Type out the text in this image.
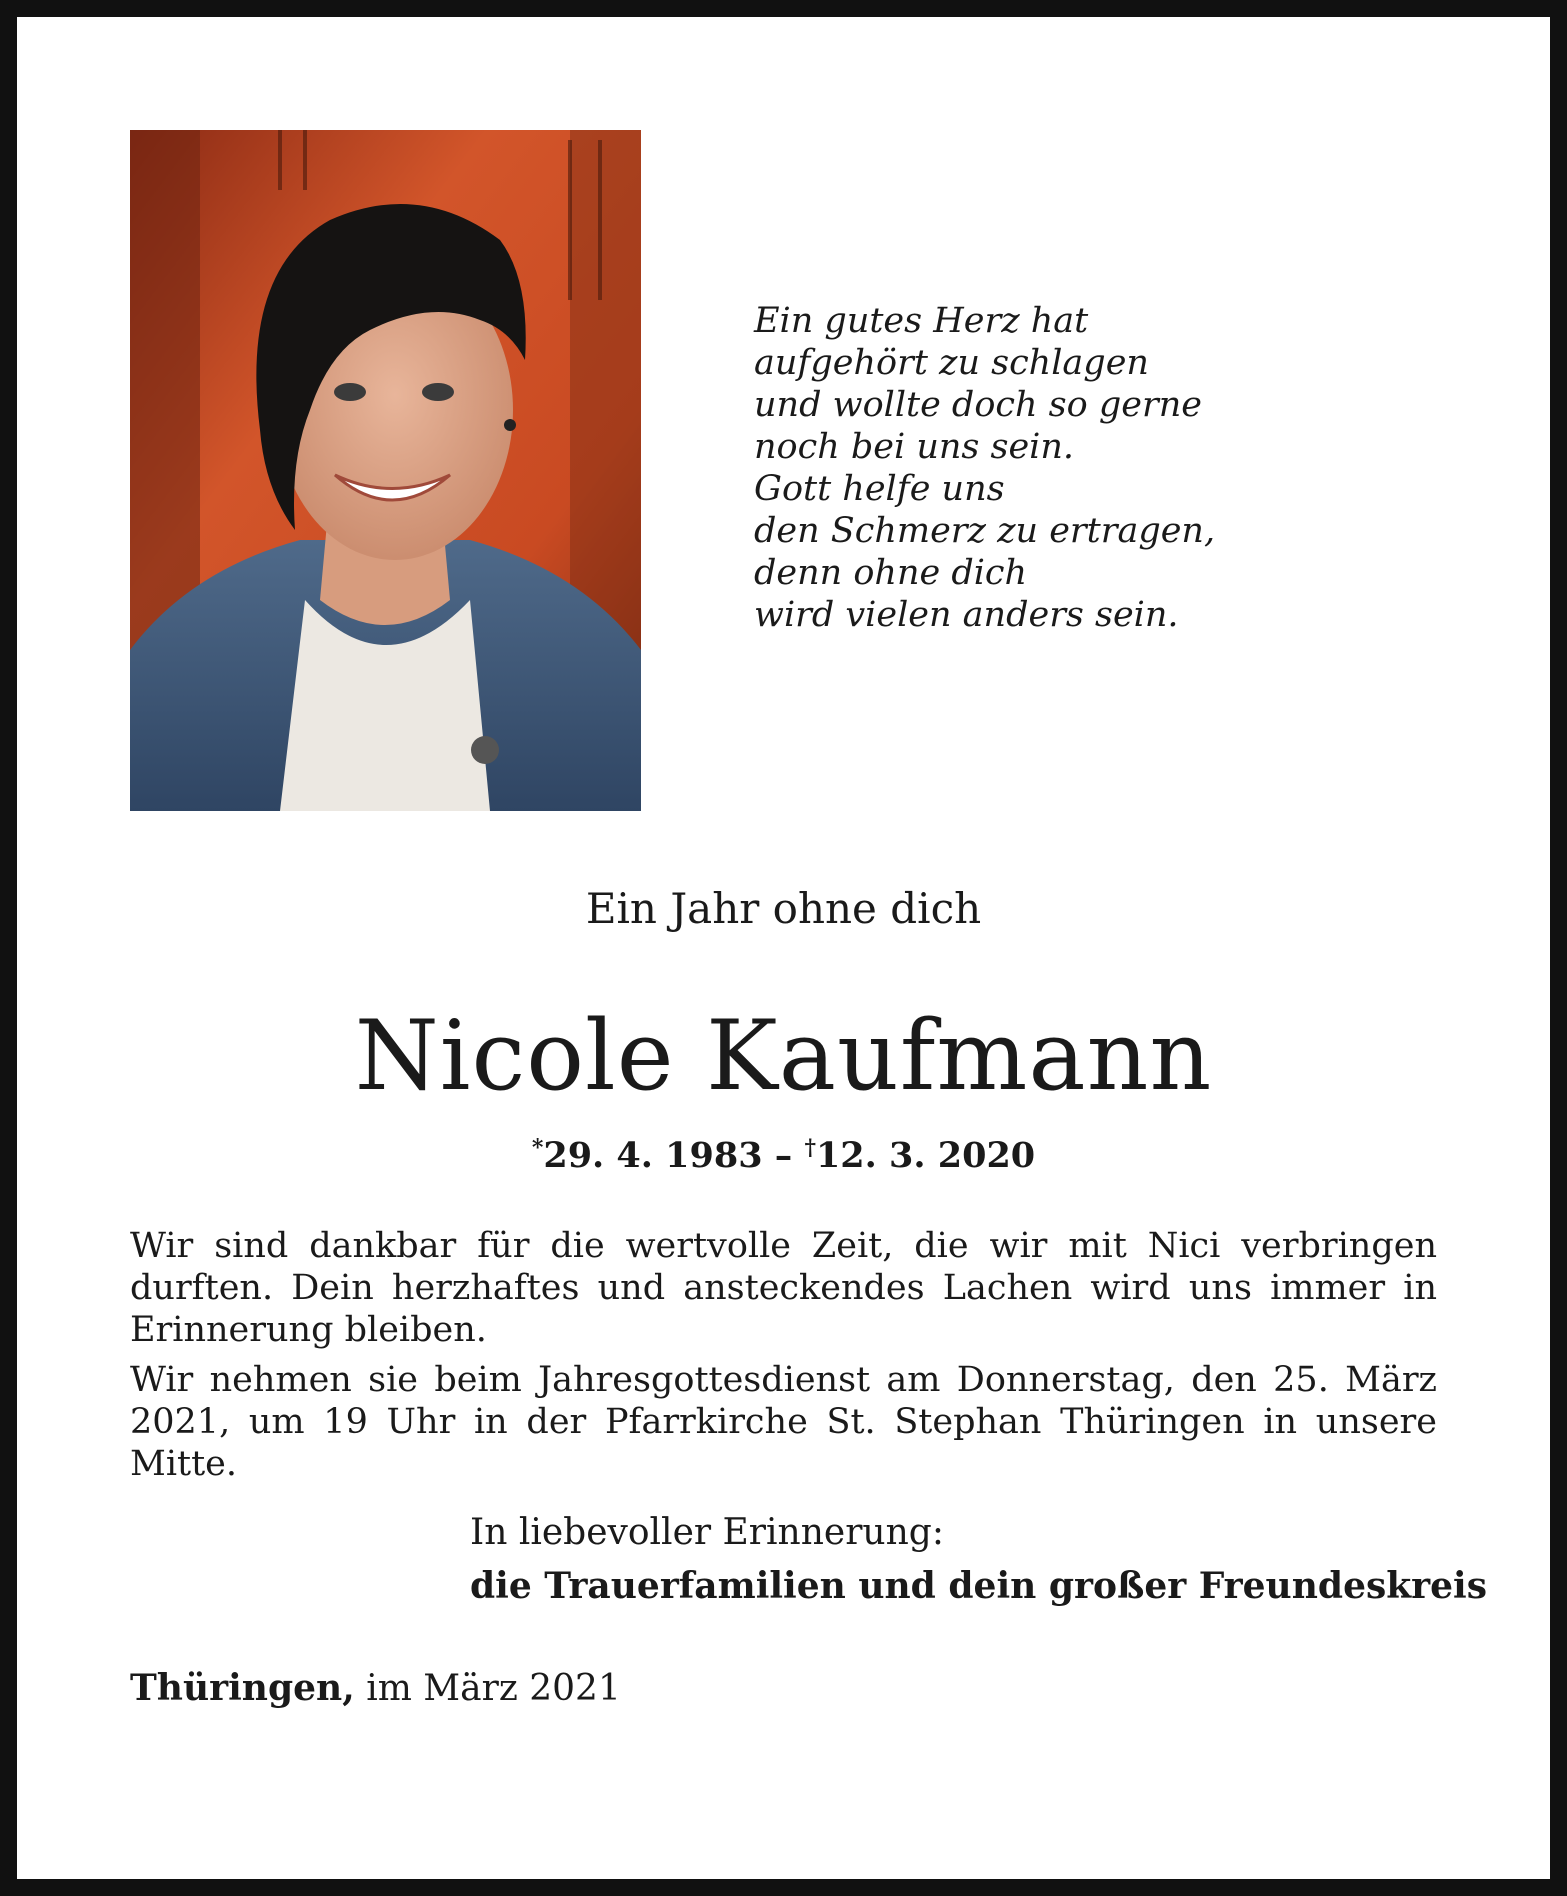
Ein gutes Herz hat
aufgehört zu schlagen
und wollte doch so gerne
noch bei uns sein.
Gott helfe uns
den Schmerz zu ertragen,
denn ohne dich
wird vielen anders sein.
Ein Jahr ohne dich
Nicole Kaufmann
*29. 4. 1983 – †12. 3. 2020

Wir sind dankbar für die wertvolle Zeit, die wir mit Nici verbringen durften. Dein herzhaftes und ansteckendes Lachen wird uns immer in Erinnerung bleiben.

Wir nehmen sie beim Jahresgottesdienst am Donnerstag, den 25. März 2021, um 19 Uhr in der Pfarrkirche St. Stephan Thüringen in unsere Mitte.

In liebevoller Erinnerung:
die Trauerfamilien und dein großer Freundeskreis
Thüringen, im März 2021
